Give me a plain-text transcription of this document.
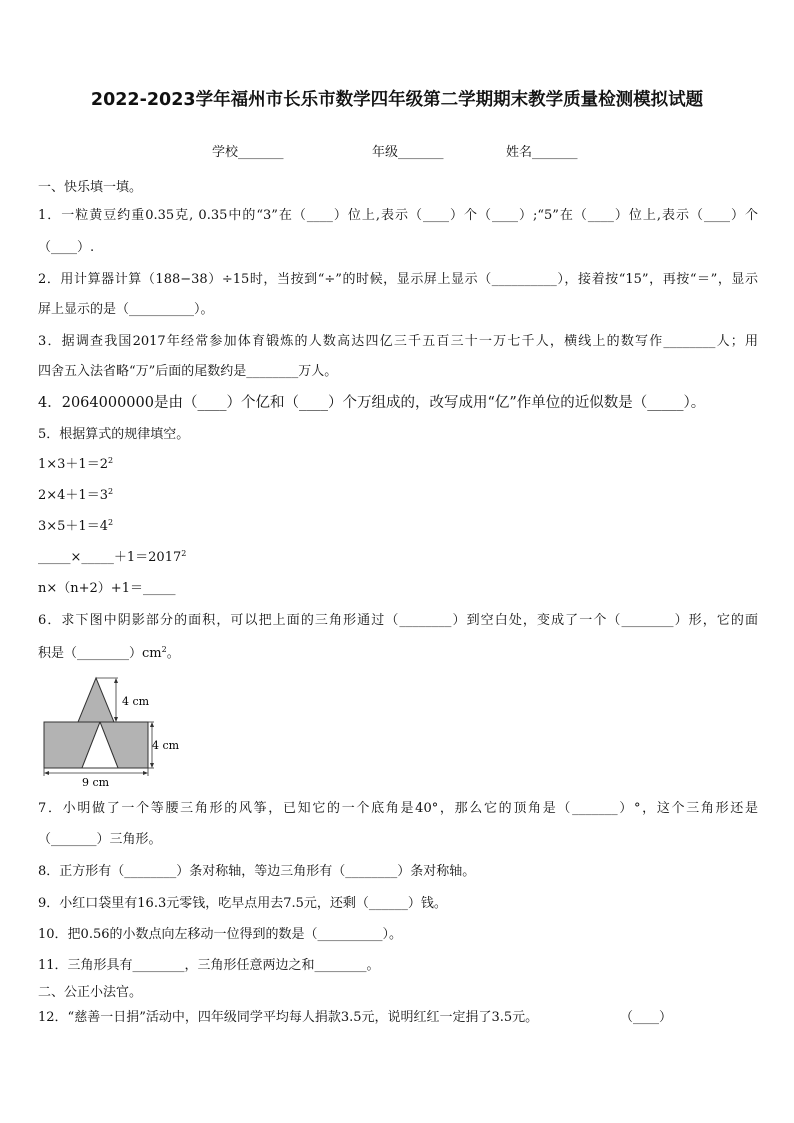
2022-2023学年福州市长乐市数学四年级第二学期期末教学质量检测模拟试题
学校_______	年级_______	姓名_______
一、快乐填一填。
1．一粒黄豆约重0.35克, 0.35中的“3”在（____）位上,表示（____）个（____）;“5”在（____）位上,表示（____）个
（____）.
2．用计算器计算（188−38）÷15时，当按到“÷”的时候，显示屏上显示（__________），接着按“15”，再按“＝”，显示
屏上显示的是（__________）。
3．据调查我国2017年经常参加体育锻炼的人数高达四亿三千五百三十一万七千人，横线上的数写作________人；用
四舍五入法省略“万”后面的尾数约是________万人。
4．2064000000是由（____）个亿和（____）个万组成的，改写成用“亿”作单位的近似数是（_____）。
5．根据算式的规律填空。
$1\times 3+1=2^2$
$2\times 4+1=3^2$
$3\times 5+1=4^2$
$\_\_\_\_\_\times\_\_\_\_\_+1=2017^2$
n×（n+2）+1＝_____
6．求下图中阴影部分的面积，可以把上面的三角形通过（________）到空白处，变成了一个（________）形，它的面
积是$(\_\_\_\_\_\_\_\_)cm^2$。
4 cm
4 cm
9 cm
7．小明做了一个等腰三角形的风筝，已知它的一个底角是40°，那么它的顶角是（_______）°，这个三角形还是
（_______）三角形。
8．正方形有（________）条对称轴，等边三角形有（________）条对称轴。
9．小红口袋里有16.3元零钱，吃早点用去7.5元，还剩（______）钱。
10．把0.56的小数点向左移动一位得到的数是（__________）。
11．三角形具有________，三角形任意两边之和________。
二、公正小法官。
12．“慈善一日捐”活动中，四年级同学平均每人捐款3.5元，说明红红一定捐了3.5元。	（____）
